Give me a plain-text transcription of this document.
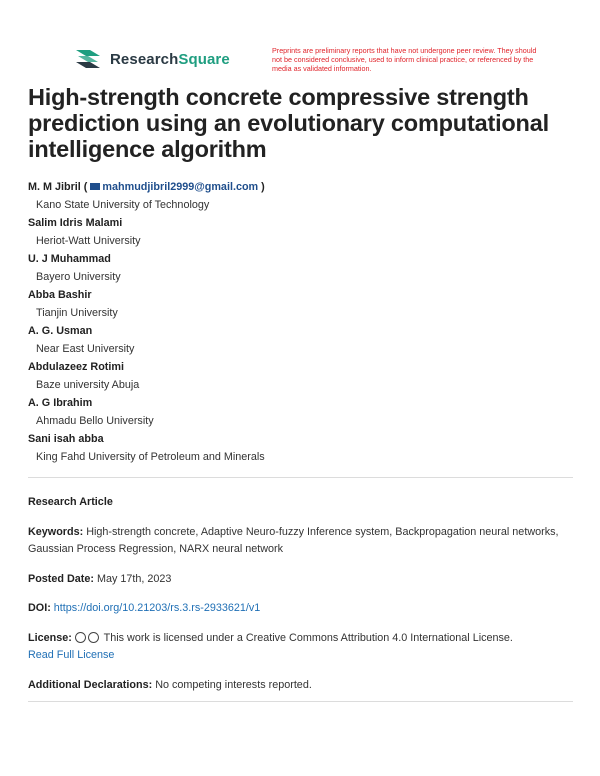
ResearchSquare	Preprints are preliminary reports that have not undergone peer review. They should not be considered conclusive, used to inform clinical practice, or referenced by the media as validated information.
High-strength concrete compressive strength prediction using an evolutionary computational intelligence algorithm
M. M Jibril ( mahmudjibril2999@gmail.com )
Kano State University of Technology
Salim Idris Malami
Heriot-Watt University
U. J Muhammad
Bayero University
Abba Bashir
Tianjin University
A. G. Usman
Near East University
Abdulazeez Rotimi
Baze university Abuja
A. G Ibrahim
Ahmadu Bello University
Sani isah abba
King Fahd University of Petroleum and Minerals
Research Article
Keywords: High-strength concrete, Adaptive Neuro-fuzzy Inference system, Backpropagation neural networks, Gaussian Process Regression, NARX neural network
Posted Date: May 17th, 2023
DOI: https://doi.org/10.21203/rs.3.rs-2933621/v1
License:	This work is licensed under a Creative Commons Attribution 4.0 International License.
Read Full License
Additional Declarations: No competing interests reported.
